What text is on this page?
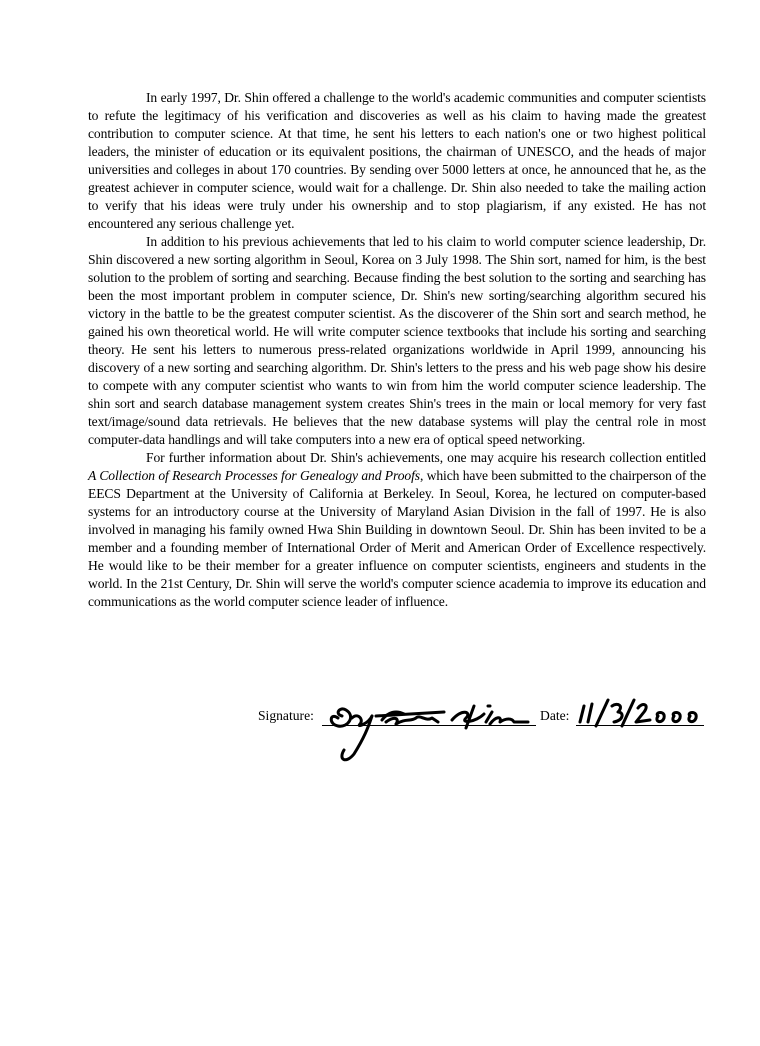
In early 1997, Dr. Shin offered a challenge to the world's academic communities and computer scientists to refute the legitimacy of his verification and discoveries as well as his claim to having made the greatest contribution to computer science. At that time, he sent his letters to each nation's one or two highest political leaders, the minister of education or its equivalent positions, the chairman of UNESCO, and the heads of major universities and colleges in about 170 countries. By sending over 5000 letters at once, he announced that he, as the greatest achiever in computer science, would wait for a challenge. Dr. Shin also needed to take the mailing action to verify that his ideas were truly under his ownership and to stop plagiarism, if any existed. He has not encountered any serious challenge yet.

In addition to his previous achievements that led to his claim to world computer science leadership, Dr. Shin discovered a new sorting algorithm in Seoul, Korea on 3 July 1998. The Shin sort, named for him, is the best solution to the problem of sorting and searching. Because finding the best solution to the sorting and searching has been the most important problem in computer science, Dr. Shin's new sorting/searching algorithm secured his victory in the battle to be the greatest computer scientist. As the discoverer of the Shin sort and search method, he gained his own theoretical world. He will write computer science textbooks that include his sorting and searching theory. He sent his letters to numerous press-related organizations worldwide in April 1999, announcing his discovery of a new sorting and searching algorithm. Dr. Shin's letters to the press and his web page show his desire to compete with any computer scientist who wants to win from him the world computer science leadership. The shin sort and search database management system creates Shin's trees in the main or local memory for very fast text/image/sound data retrievals. He believes that the new database systems will play the central role in most computer-data handlings and will take computers into a new era of optical speed networking.

For further information about Dr. Shin's achievements, one may acquire his research collection entitled A Collection of Research Processes for Genealogy and Proofs, which have been submitted to the chairperson of the EECS Department at the University of California at Berkeley. In Seoul, Korea, he lectured on computer-based systems for an introductory course at the University of Maryland Asian Division in the fall of 1997. He is also involved in managing his family owned Hwa Shin Building in downtown Seoul. Dr. Shin has been invited to be a member and a founding member of International Order of Merit and American Order of Excellence respectively. He would like to be their member for a greater influence on computer scientists, engineers and students in the world. In the 21st Century, Dr. Shin will serve the world's computer science academia to improve its education and communications as the world computer science leader of influence.

Signature:	Date:
